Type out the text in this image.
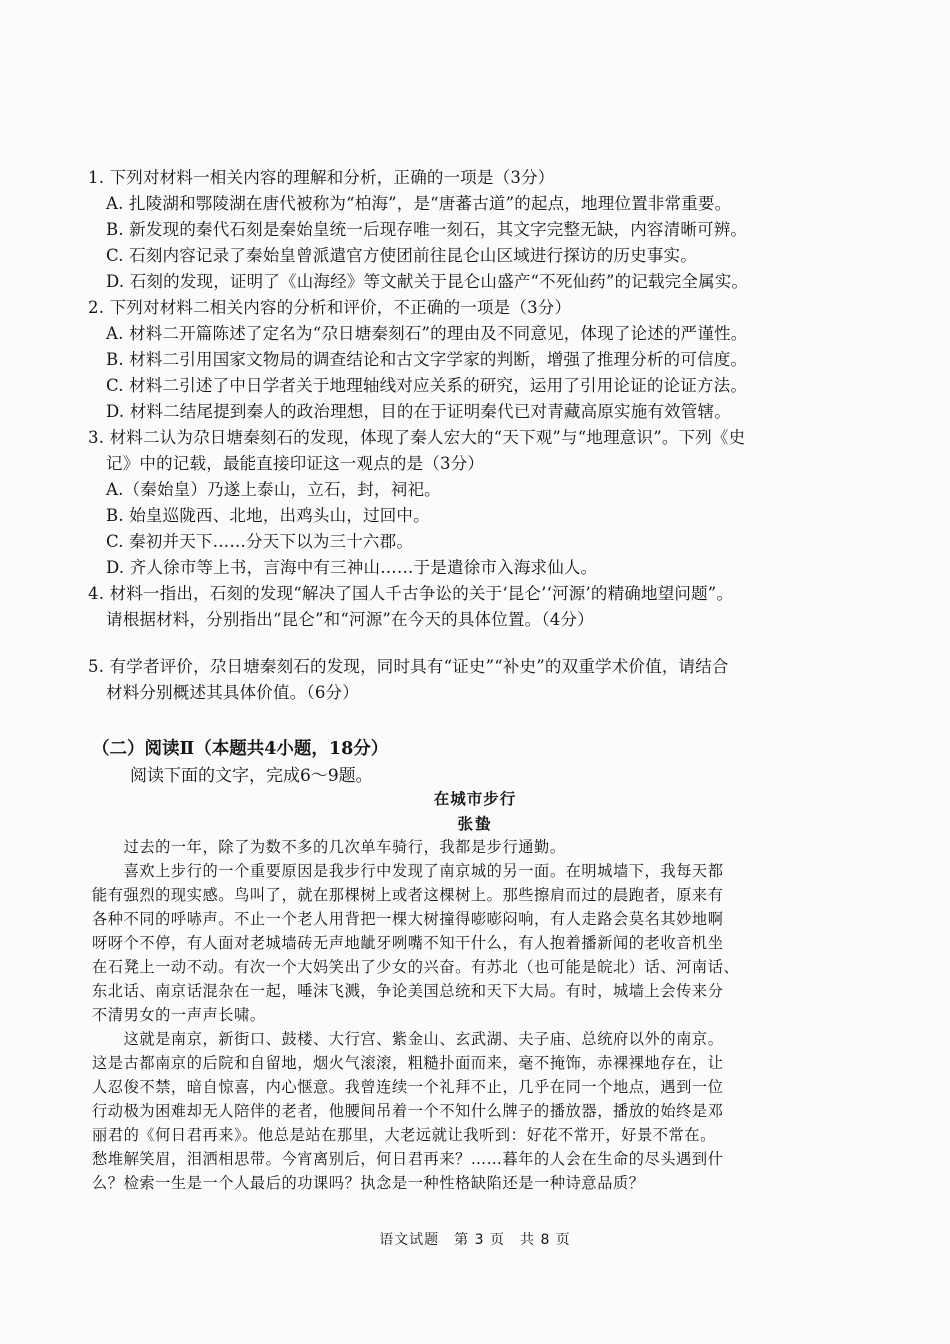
1. 下列对材料一相关内容的理解和分析，正确的一项是（3分）
A. 扎陵湖和鄂陵湖在唐代被称为“柏海”，是“唐蕃古道”的起点，地理位置非常重要。
B. 新发现的秦代石刻是秦始皇统一后现存唯一刻石，其文字完整无缺，内容清晰可辨。
C. 石刻内容记录了秦始皇曾派遣官方使团前往昆仑山区域进行探访的历史事实。
D. 石刻的发现，证明了《山海经》等文献关于昆仑山盛产“不死仙药”的记载完全属实。
2. 下列对材料二相关内容的分析和评价，不正确的一项是（3分）
A. 材料二开篇陈述了定名为“尕日塘秦刻石”的理由及不同意见，体现了论述的严谨性。
B. 材料二引用国家文物局的调查结论和古文字学家的判断，增强了推理分析的可信度。
C. 材料二引述了中日学者关于地理轴线对应关系的研究，运用了引用论证的论证方法。
D. 材料二结尾提到秦人的政治理想，目的在于证明秦代已对青藏高原实施有效管辖。
3. 材料二认为尕日塘秦刻石的发现，体现了秦人宏大的“天下观”与“地理意识”。下列《史
记》中的记载，最能直接印证这一观点的是（3分）
A.（秦始皇）乃遂上泰山，立石，封，祠祀。
B. 始皇巡陇西、北地，出鸡头山，过回中。
C. 秦初并天下……分天下以为三十六郡。
D. 齐人徐市等上书，言海中有三神山……于是遣徐市入海求仙人。
4. 材料一指出，石刻的发现“解决了国人千古争讼的关于‘昆仑’‘河源’的精确地望问题”。
请根据材料，分别指出“昆仑”和“河源”在今天的具体位置。（4分）
5. 有学者评价，尕日塘秦刻石的发现，同时具有“证史”“补史”的双重学术价值，请结合
材料分别概述其具体价值。（6分）
（二）阅读Ⅱ（本题共4小题，18分）
阅读下面的文字，完成6～9题。
在城市步行
张蛰
　　过去的一年，除了为数不多的几次单车骑行，我都是步行通勤。
　　喜欢上步行的一个重要原因是我步行中发现了南京城的另一面。在明城墙下，我每天都
能有强烈的现实感。鸟叫了，就在那棵树上或者这棵树上。那些擦肩而过的晨跑者，原来有
各种不同的呼哧声。不止一个老人用背把一棵大树撞得嘭嘭闷响，有人走路会莫名其妙地啊
呀呀个不停，有人面对老城墙砖无声地龇牙咧嘴不知干什么，有人抱着播新闻的老收音机坐
在石凳上一动不动。有次一个大妈笑出了少女的兴奋。有苏北（也可能是皖北）话、河南话、
东北话、南京话混杂在一起，唾沫飞溅，争论美国总统和天下大局。有时，城墙上会传来分
不清男女的一声声长啸。
　　这就是南京，新街口、鼓楼、大行宫、紫金山、玄武湖、夫子庙、总统府以外的南京。
这是古都南京的后院和自留地，烟火气滚滚，粗糙扑面而来，毫不掩饰，赤裸裸地存在，让
人忍俊不禁，暗自惊喜，内心惬意。我曾连续一个礼拜不止，几乎在同一个地点，遇到一位
行动极为困难却无人陪伴的老者，他腰间吊着一个不知什么牌子的播放器，播放的始终是邓
丽君的《何日君再来》。他总是站在那里，大老远就让我听到：好花不常开，好景不常在。
愁堆解笑眉，泪洒相思带。今宵离别后，何日君再来？……暮年的人会在生命的尽头遇到什
么？检索一生是一个人最后的功课吗？执念是一种性格缺陷还是一种诗意品质？
语文试题　第 3 页　共 8 页
